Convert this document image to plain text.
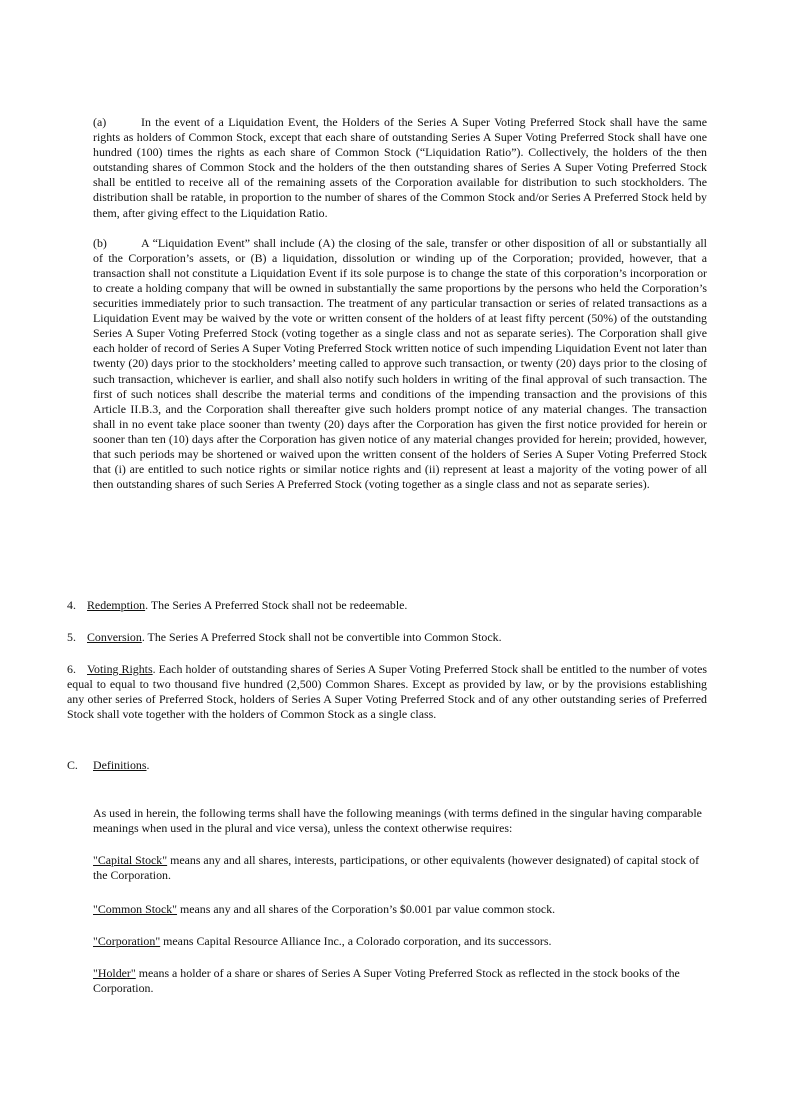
(a)	In the event of a Liquidation Event, the Holders of the Series A Super Voting Preferred Stock shall have the same rights as holders of Common Stock, except that each share of outstanding Series A Super Voting Preferred Stock shall have one hundred (100) times the rights as each share of Common Stock (“Liquidation Ratio”). Collectively, the holders of the then outstanding shares of Common Stock and the holders of the then outstanding shares of Series A Super Voting Preferred Stock shall be entitled to receive all of the remaining assets of the Corporation available for distribution to such stockholders. The distribution shall be ratable, in proportion to the number of shares of the Common Stock and/or Series A Preferred Stock held by them, after giving effect to the Liquidation Ratio.

(b)	A “Liquidation Event” shall include (A) the closing of the sale, transfer or other disposition of all or substantially all of the Corporation’s assets, or (B) a liquidation, dissolution or winding up of the Corporation; provided, however, that a transaction shall not constitute a Liquidation Event if its sole purpose is to change the state of this corporation’s incorporation or to create a holding company that will be owned in substantially the same proportions by the persons who held the Corporation’s securities immediately prior to such transaction. The treatment of any particular transaction or series of related transactions as a Liquidation Event may be waived by the vote or written consent of the holders of at least fifty percent (50%) of the outstanding Series A Super Voting Preferred Stock (voting together as a single class and not as separate series). The Corporation shall give each holder of record of Series A Super Voting Preferred Stock written notice of such impending Liquidation Event not later than twenty (20) days prior to the stockholders’ meeting called to approve such transaction, or twenty (20) days prior to the closing of such transaction, whichever is earlier, and shall also notify such holders in writing of the final approval of such transaction. The first of such notices shall describe the material terms and conditions of the impending transaction and the provisions of this Article II.B.3, and the Corporation shall thereafter give such holders prompt notice of any material changes. The transaction shall in no event take place sooner than twenty (20) days after the Corporation has given the first notice provided for herein or sooner than ten (10) days after the Corporation has given notice of any material changes provided for herein; provided, however, that such periods may be shortened or waived upon the written consent of the holders of Series A Super Voting Preferred Stock that (i) are entitled to such notice rights or similar notice rights and (ii) represent at least a majority of the voting power of all then outstanding shares of such Series A Preferred Stock (voting together as a single class and not as separate series).

4. Redemption. The Series A Preferred Stock shall not be redeemable.
5. Conversion. The Series A Preferred Stock shall not be convertible into Common Stock.
6. Voting Rights. Each holder of outstanding shares of Series A Super Voting Preferred Stock shall be entitled to the number of votes equal to equal to two thousand five hundred (2,500) Common Shares. Except as provided by law, or by the provisions establishing any other series of Preferred Stock, holders of Series A Super Voting Preferred Stock and of any other outstanding series of Preferred Stock shall vote together with the holders of Common Stock as a single class.
C. Definitions.
As used in herein, the following terms shall have the following meanings (with terms defined in the singular having comparable meanings when used in the plural and vice versa), unless the context otherwise requires:
"Capital Stock" means any and all shares, interests, participations, or other equivalents (however designated) of capital stock of the Corporation.
"Common Stock" means any and all shares of the Corporation’s $0.001 par value common stock.
"Corporation" means Capital Resource Alliance Inc., a Colorado corporation, and its successors.
"Holder" means a holder of a share or shares of Series A Super Voting Preferred Stock as reflected in the stock books of the Corporation.
